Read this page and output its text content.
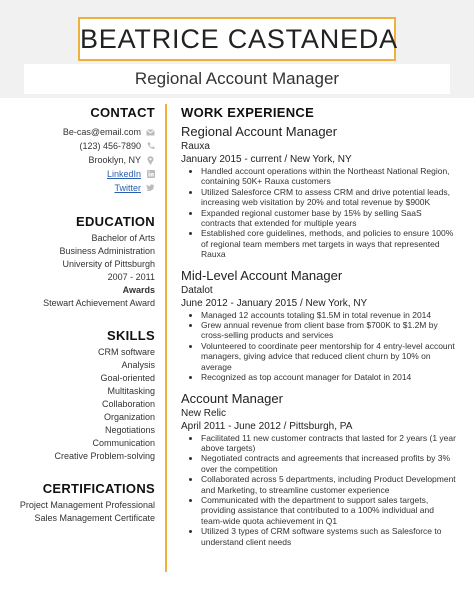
BEATRICE CASTANEDA
Regional Account Manager
CONTACT
Be-cas@email.com
(123) 456-7890
Brooklyn, NY
LinkedIn
Twitter
EDUCATION
Bachelor of Arts
Business Administration
University of Pittsburgh
2007 - 2011
Awards
Stewart Achievement Award
SKILLS
CRM software
Analysis
Goal-oriented
Multitasking
Collaboration
Organization
Negotiations
Communication
Creative Problem-solving
CERTIFICATIONS
Project Management Professional
Sales Management Certificate
WORK EXPERIENCE
Regional Account Manager
Rauxa
January 2015 - current / New York, NY
• Handled account operations within the Northeast National Region, containing 50K+ Rauxa customers
• Utilized Salesforce CRM to assess CRM and drive potential leads, increasing web visitation by 20% and total revenue by $900K
• Expanded regional customer base by 15% by selling SaaS contracts that extended for multiple years
• Established core guidelines, methods, and policies to ensure 100% of regional team members met targets in ways that represented Rauxa
Mid-Level Account Manager
Datalot
June 2012 - January 2015 / New York, NY
• Managed 12 accounts totaling $1.5M in total revenue in 2014
• Grew annual revenue from client base from $700K to $1.2M by cross-selling products and services
• Volunteered to coordinate peer mentorship for 4 entry-level account managers, giving advice that reduced client churn by 10% on average
• Recognized as top account manager for Datalot in 2014
Account Manager
New Relic
April 2011 - June 2012 / Pittsburgh, PA
• Facilitated 11 new customer contracts that lasted for 2 years (1 year above targets)
• Negotiated contracts and agreements that increased profits by 3% over the competition
• Collaborated across 5 departments, including Product Development and Marketing, to streamline customer experience
• Communicated with the department to support sales targets, providing assistance that contributed to a 100% individual and team-wide quota achievement in Q1
• Utilized 3 types of CRM software systems such as Salesforce to understand client needs
